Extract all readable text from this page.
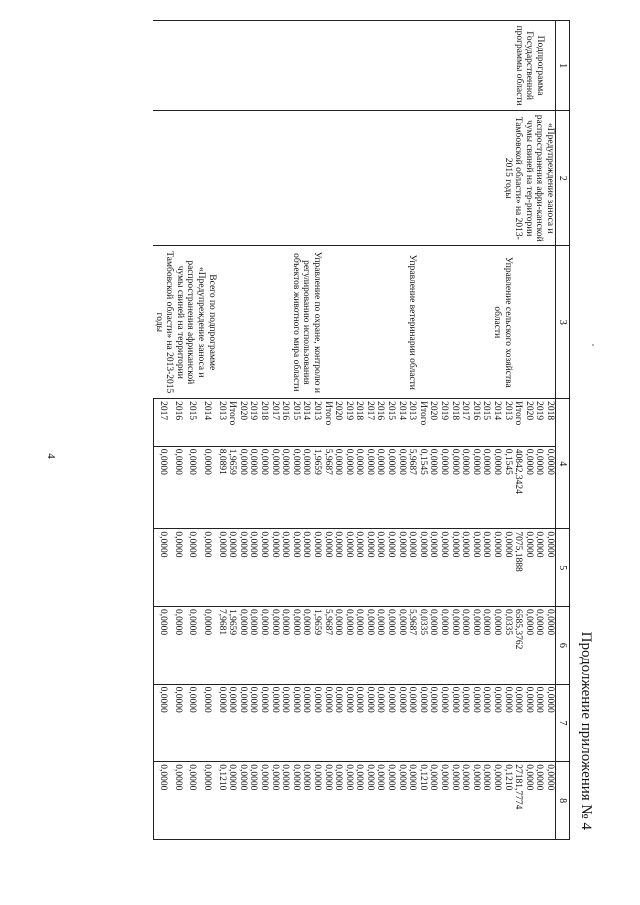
4
Продолжение приложения № 4
1	2	3	4		5	6	7	8

Подпрограмма Государственной программы области	«Предупреждение заноса и распространения афри-канской чумы свиней на тер-ритории Тамбовской области» на 2013-2015 годы		2018	0,0000	0,0000	0,0000	0,0000	0,0000
			2019	0,0000	0,0000	0,0000	0,0000	0,0000
			2020	0,0000	0,0000	0,0000	0,0000	0,0000
			Итого	40842,3424	7075,1888	6585,3762	0,0000	27181,7774

		Управление сельского хозяйства области	2013	0,1545	0,0000	0,0335	0,0000	0,1210
			2014	0,0000	0,0000	0,0000	0,0000	0,0000
			2015	0,0000	0,0000	0,0000	0,0000	0,0000
			2016	0,0000	0,0000	0,0000	0,0000	0,0000
			2017	0,0000	0,0000	0,0000	0,0000	0,0000
			2018	0,0000	0,0000	0,0000	0,0000	0,0000
			2019	0,0000	0,0000	0,0000	0,0000	0,0000
			2020	0,0000	0,0000	0,0000	0,0000	0,0000
			Итого	0,1545	0,0000	0,0335	0,0000	0,1210

		Управление ветеринарии области	2013	5,9687	0,0000	5,9687	0,0000	0,0000
			2014	0,0000	0,0000	0,0000	0,0000	0,0000
			2015	0,0000	0,0000	0,0000	0,0000	0,0000
			2016	0,0000	0,0000	0,0000	0,0000	0,0000
			2017	0,0000	0,0000	0,0000	0,0000	0,0000
			2018	0,0000	0,0000	0,0000	0,0000	0,0000
			2019	0,0000	0,0000	0,0000	0,0000	0,0000
			2020	0,0000	0,0000	0,0000	0,0000	0,0000
			Итого	5,9687	0,0000	5,9687	0,0000	0,0000

		Управление по охране, контролю и регулированию использования объектов животного мира области	2013	1,9659	0,0000	1,9659	0,0000	0,0000
			2014	0,0000	0,0000	0,0000	0,0000	0,0000
			2015	0,0000	0,0000	0,0000	0,0000	0,0000
			2016	0,0000	0,0000	0,0000	0,0000	0,0000
			2017	0,0000	0,0000	0,0000	0,0000	0,0000
			2018	0,0000	0,0000	0,0000	0,0000	0,0000
			2019	0,0000	0,0000	0,0000	0,0000	0,0000
			2020	0,0000	0,0000	0,0000	0,0000	0,0000
			Итого	1,9659	0,0000	1,9659	0,0000	0,0000

		Всего по подпрограмме «Предупреждение заноса и распространения африканской чумы свиней на территории Тамбовской области» на 2013-2015 годы	2013	8,0891	0,0000	7,9681	0,0000	0,1210
			2014	0,0000	0,0000	0,0000	0,0000	0,0000
			2015	0,0000	0,0000	0,0000	0,0000	0,0000
			2016	0,0000	0,0000	0,0000	0,0000	0,0000
			2017	0,0000	0,0000	0,0000	0,0000	0,0000
